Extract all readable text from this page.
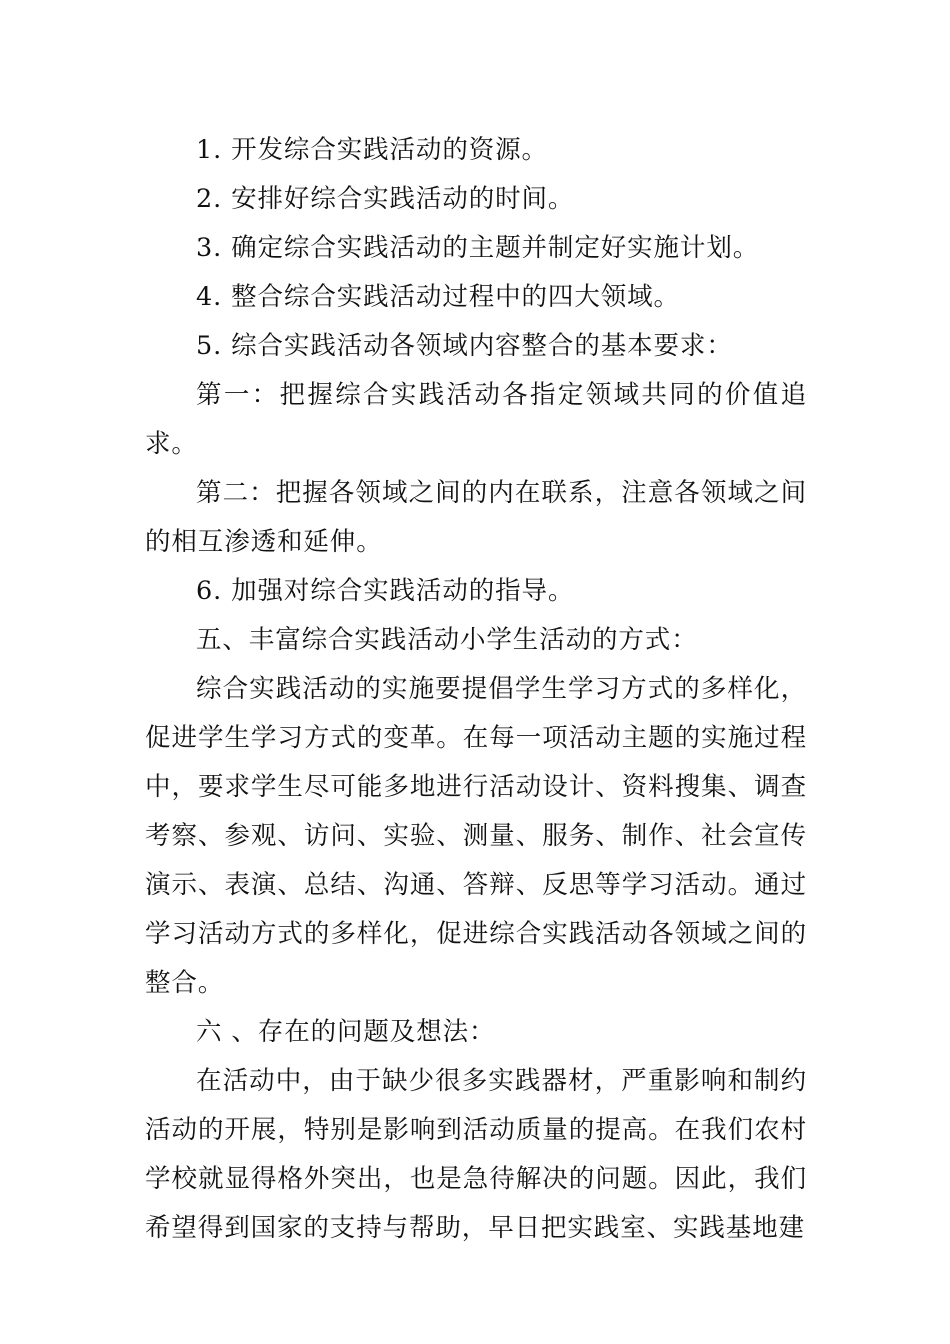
1. 开发综合实践活动的资源。

2. 安排好综合实践活动的时间。

3. 确定综合实践活动的主题并制定好实施计划。

4. 整合综合实践活动过程中的四大领域。

5. 综合实践活动各领域内容整合的基本要求：

第一：把握综合实践活动各指定领域共同的价值追求。

第二：把握各领域之间的内在联系，注意各领域之间的相互渗透和延伸。

6. 加强对综合实践活动的指导。

五、丰富综合实践活动小学生活动的方式：

综合实践活动的实施要提倡学生学习方式的多样化，促进学生学习方式的变革。在每一项活动主题的实施过程中，要求学生尽可能多地进行活动设计、资料搜集、调查考察、参观、访问、实验、测量、服务、制作、社会宣传演示、表演、总结、沟通、答辩、反思等学习活动。通过学习活动方式的多样化，促进综合实践活动各领域之间的整合。

六 、存在的问题及想法：

在活动中，由于缺少很多实践器材，严重影响和制约活动的开展，特别是影响到活动质量的提高。在我们农村学校就显得格外突出，也是急待解决的问题。因此，我们希望得到国家的支持与帮助，早日把实践室、实践基地建
